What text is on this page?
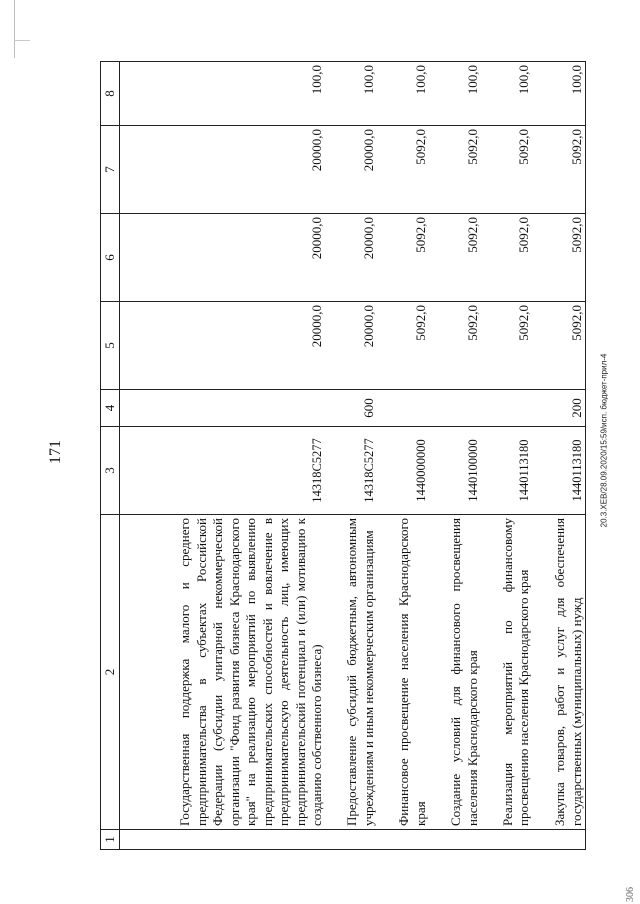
171	20.3.ХЕВ/28.09.2020/15:59/исп. бюджет-прил-4
306
1	2	3	4	5	6	7	8
	Государственная поддержка малого и среднего предпринимательства в субъектах Российской Федерации (субсидии унитарной некоммерческой организации "Фонд развития бизнеса Краснодарского края" на реализацию мероприятий по выявлению предпринимательских способностей и вовлечение в предпринимательскую деятельность лиц, имеющих предпринимательский потенциал и (или) мотивацию к созданию собственного бизнеса)	14318С5277		20000,0	20000,0	20000,0	100,0
	Предоставление субсидий бюджетным, автономным учреждениям и иным некоммерческим организациям	14318С5277	600	20000,0	20000,0	20000,0	100,0
	Финансовое просвещение населения Краснодарского края	1440000000		5092,0	5092,0	5092,0	100,0
	Создание условий для финансового просвещения населения Краснодарского края	1440100000		5092,0	5092,0	5092,0	100,0
	Реализация мероприятий по финансовому просвещению населения Краснодарского края	1440113180		5092,0	5092,0	5092,0	100,0
	Закупка товаров, работ и услуг для обеспечения государственных (муниципальных) нужд	1440113180	200	5092,0	5092,0	5092,0	100,0
